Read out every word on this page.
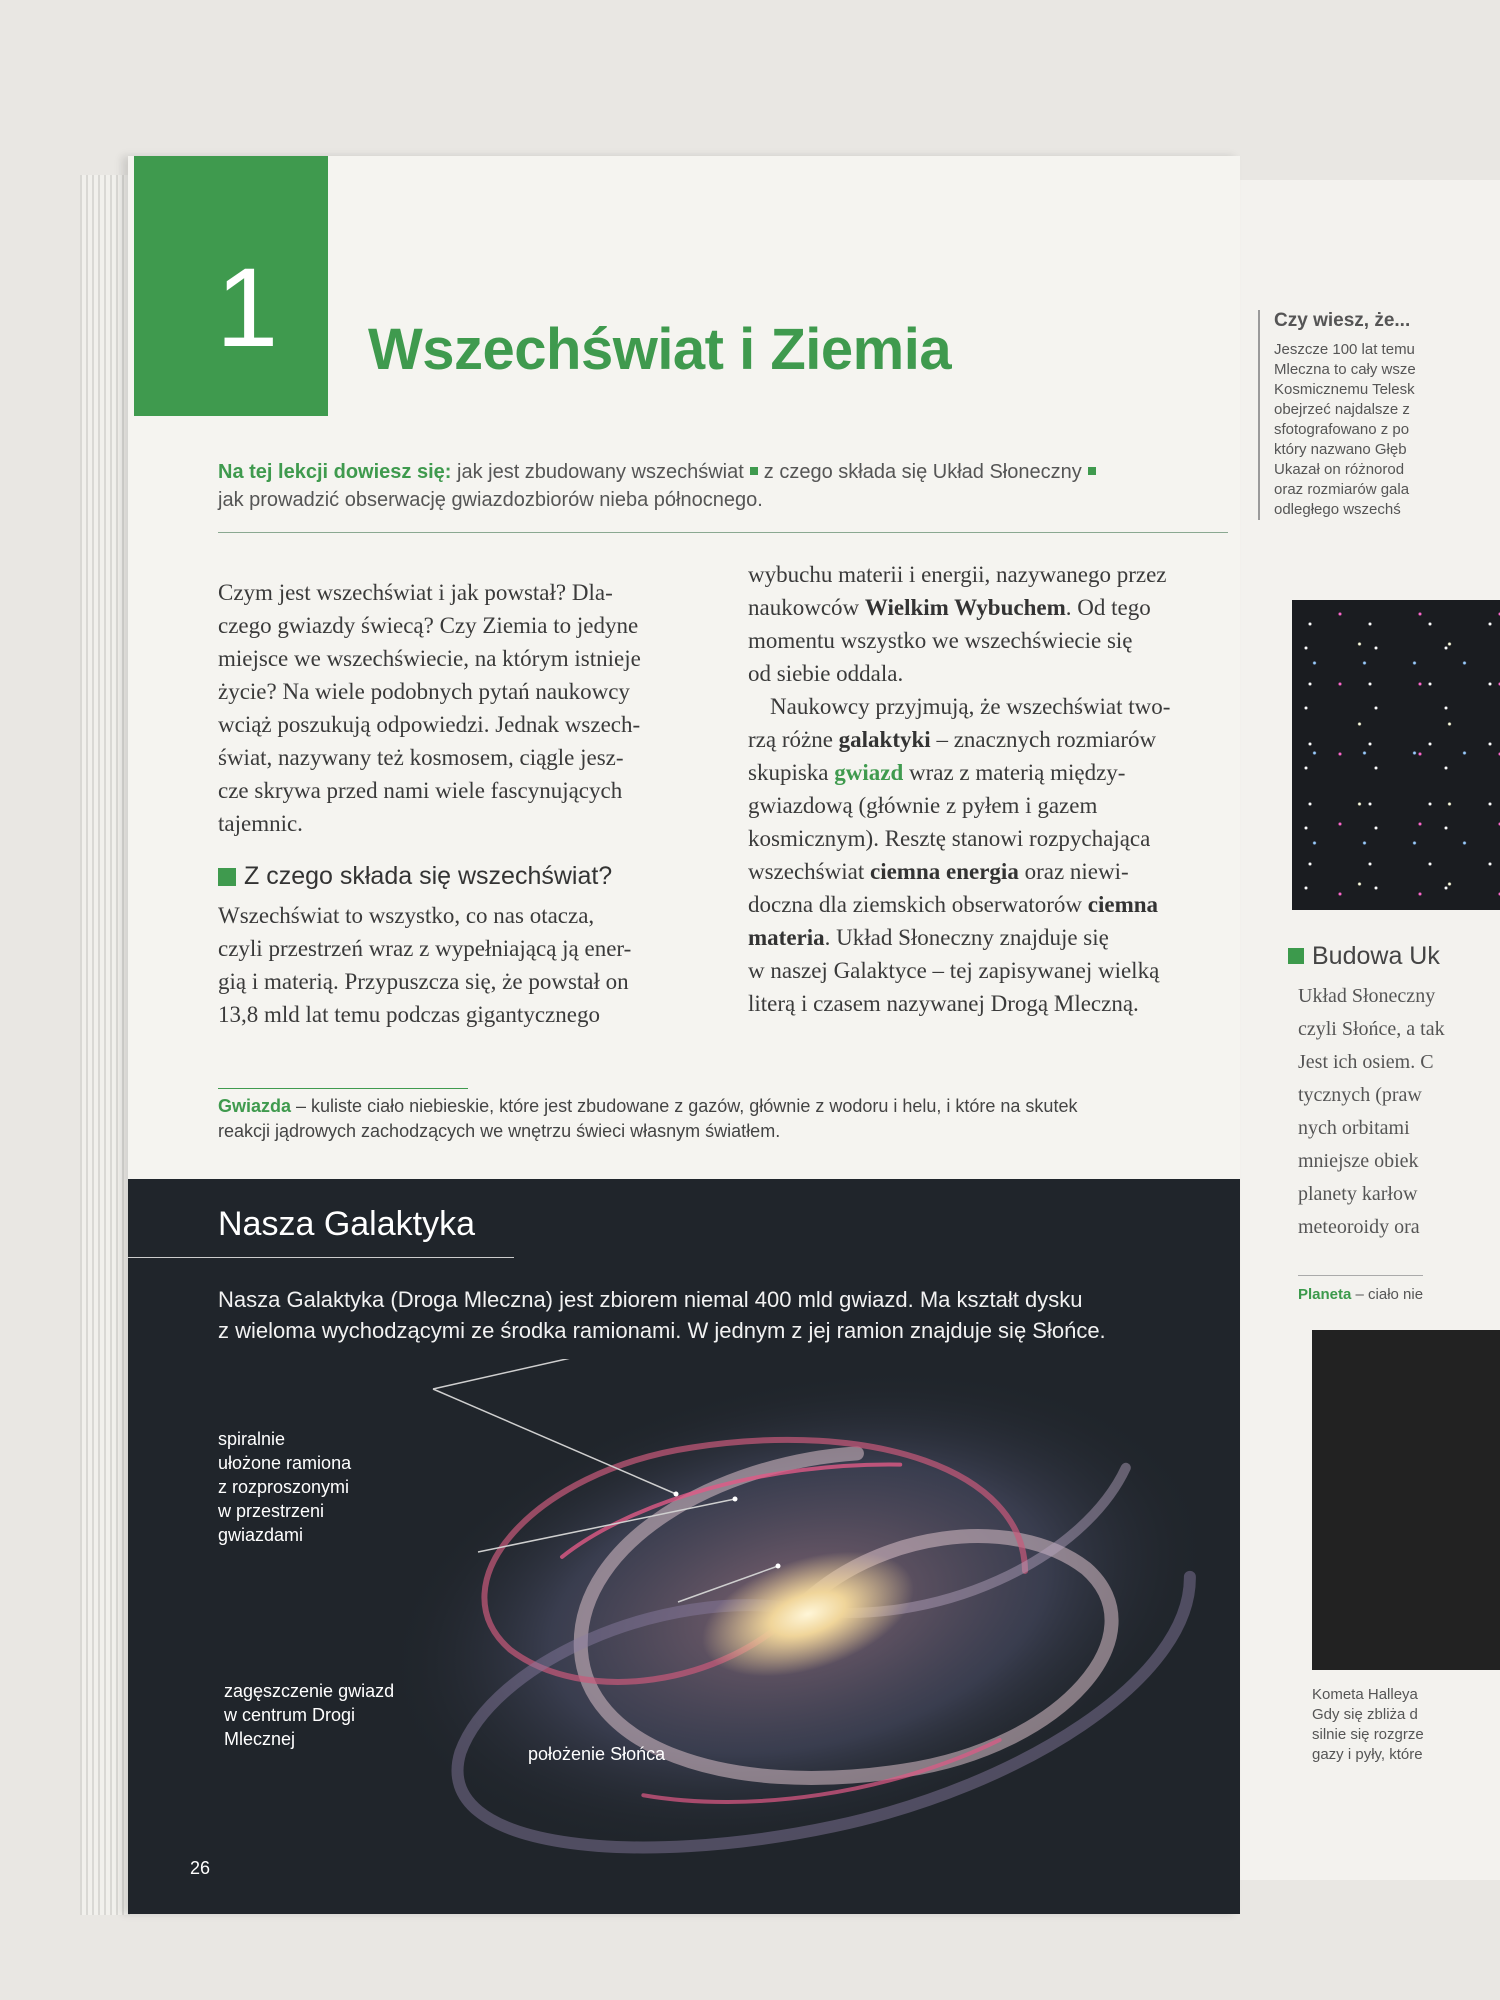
Czy wiesz, że...
Jeszcze 100 lat temu
Mleczna to cały wsze
Kosmicznemu Telesk
obejrzeć najdalsze z
sfotografowano z po
który nazwano Głęb
Ukazał on różnorod
oraz rozmiarów gala
odległego wszechś
Budowa Uk
Układ Słoneczny
czyli Słońce, a tak
Jest ich osiem. C
tycznych (praw
nych orbitami
mniejsze obiek
planety karłow
meteoroidy ora
Planeta – ciało nie
Kometa Halleya
Gdy się zbliża d
silnie się rozgrze
gazy i pyły, które
1 Wszechświat i Ziemia
Na tej lekcji dowiesz się: jak jest zbudowany wszechświat z czego składa się Układ Słoneczny
jak prowadzić obserwację gwiazdozbiorów nieba północnego.
Czym jest wszechświat i jak powstał? Dla-
czego gwiazdy świecą? Czy Ziemia to jedyne
miejsce we wszechświecie, na którym istnieje
życie? Na wiele podobnych pytań naukowcy
wciąż poszukują odpowiedzi. Jednak wszech-
świat, nazywany też kosmosem, ciągle jesz-
cze skrywa przed nami wiele fascynujących
tajemnic.
Z czego składa się wszechświat?
Wszechświat to wszystko, co nas otacza,
czyli przestrzeń wraz z wypełniającą ją ener-
gią i materią. Przypuszcza się, że powstał on
13,8 mld lat temu podczas gigantycznego
wybuchu materii i energii, nazywanego przez
naukowców Wielkim Wybuchem. Od tego
momentu wszystko we wszechświecie się
od siebie oddala.
Naukowcy przyjmują, że wszechświat two-
rzą różne galaktyki – znacznych rozmiarów
skupiska gwiazd wraz z materią między-
gwiazdową (głównie z pyłem i gazem
kosmicznym). Resztę stanowi rozpychająca
wszechświat ciemna energia oraz niewi-
doczna dla ziemskich obserwatorów ciemna
materia. Układ Słoneczny znajduje się
w naszej Galaktyce – tej zapisywanej wielką
literą i czasem nazywanej Drogą Mleczną.
Gwiazda – kuliste ciało niebieskie, które jest zbudowane z gazów, głównie z wodoru i helu, i które na skutek
reakcji jądrowych zachodzących we wnętrzu świeci własnym światłem.
Nasza Galaktyka
Nasza Galaktyka (Droga Mleczna) jest zbiorem niemal 400 mld gwiazd. Ma kształt dysku
z wieloma wychodzącymi ze środka ramionami. W jednym z jej ramion znajduje się Słońce.
spiralnie
ułożone ramiona
z rozproszonymi
w przestrzeni
gwiazdami
zagęszczenie gwiazd
w centrum Drogi
Mlecznej
położenie Słońca
26
